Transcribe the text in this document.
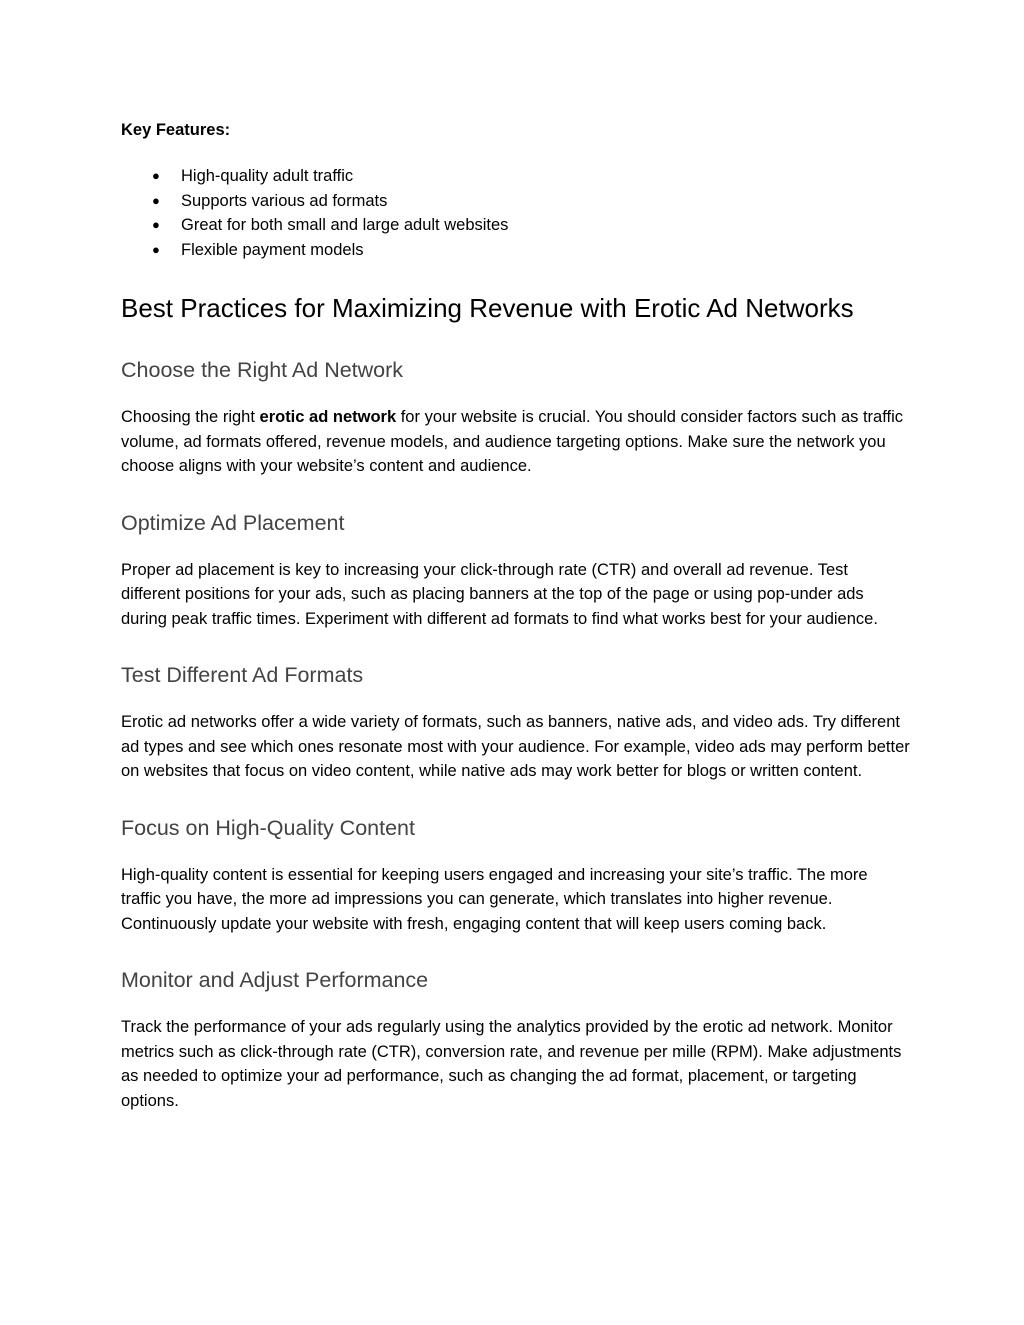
Key Features:

● High-quality adult traffic
● Supports various ad formats
● Great for both small and large adult websites
● Flexible payment models
Best Practices for Maximizing Revenue with Erotic Ad Networks
Choose the Right Ad Network

Choosing the right erotic ad network for your website is crucial. You should consider factors such as traffic volume, ad formats offered, revenue models, and audience targeting options. Make sure the network you choose aligns with your website’s content and audience.

Optimize Ad Placement

Proper ad placement is key to increasing your click-through rate (CTR) and overall ad revenue. Test different positions for your ads, such as placing banners at the top of the page or using pop-under ads during peak traffic times. Experiment with different ad formats to find what works best for your audience.

Test Different Ad Formats

Erotic ad networks offer a wide variety of formats, such as banners, native ads, and video ads. Try different ad types and see which ones resonate most with your audience. For example, video ads may perform better on websites that focus on video content, while native ads may work better for blogs or written content.

Focus on High-Quality Content

High-quality content is essential for keeping users engaged and increasing your site’s traffic. The more traffic you have, the more ad impressions you can generate, which translates into higher revenue. Continuously update your website with fresh, engaging content that will keep users coming back.

Monitor and Adjust Performance

Track the performance of your ads regularly using the analytics provided by the erotic ad network. Monitor metrics such as click-through rate (CTR), conversion rate, and revenue per mille (RPM). Make adjustments as needed to optimize your ad performance, such as changing the ad format, placement, or targeting options.
